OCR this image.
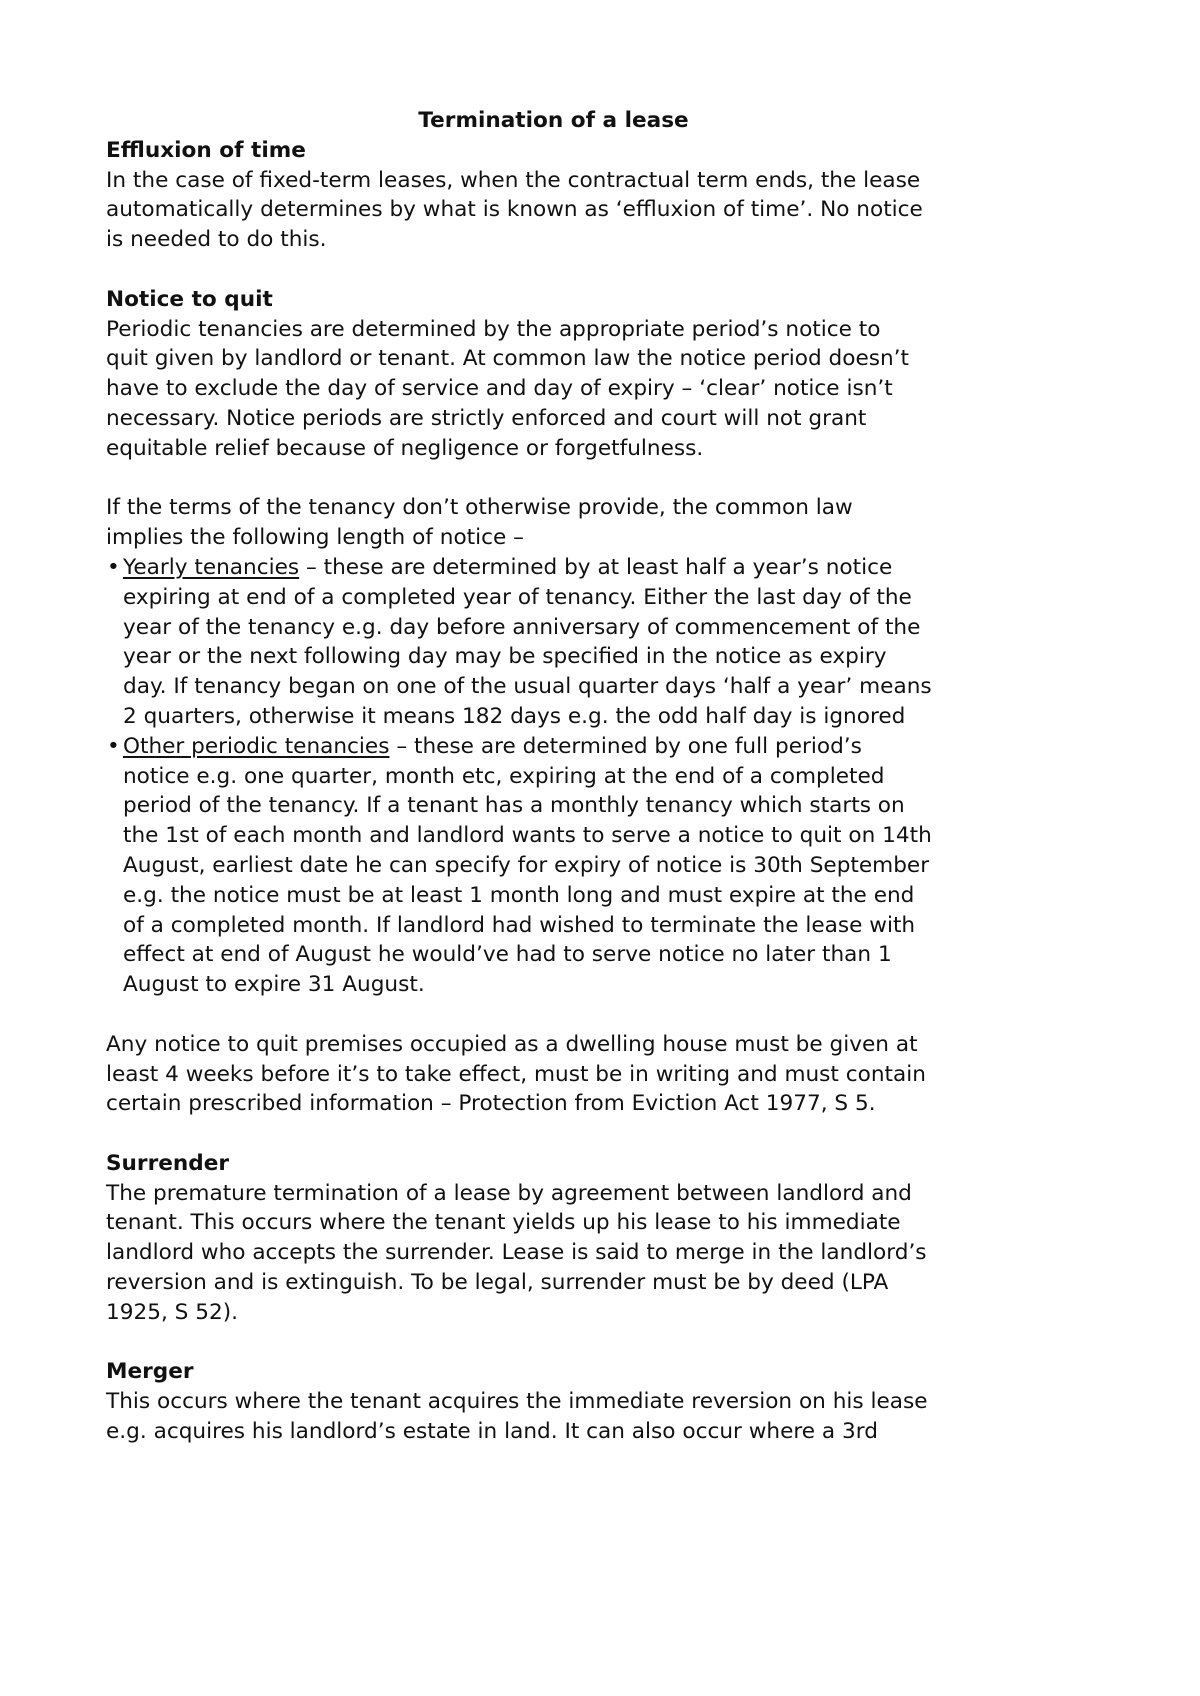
Termination of a lease
Effluxion of time
In the case of fixed-term leases, when the contractual term ends, the lease
automatically determines by what is known as ‘effluxion of time’. No notice
is needed to do this.
Notice to quit
Periodic tenancies are determined by the appropriate period’s notice to
quit given by landlord or tenant. At common law the notice period doesn’t
have to exclude the day of service and day of expiry – ‘clear’ notice isn’t
necessary. Notice periods are strictly enforced and court will not grant
equitable relief because of negligence or forgetfulness.
If the terms of the tenancy don’t otherwise provide, the common law
implies the following length of notice –
• Yearly tenancies – these are determined by at least half a year’s notice
expiring at end of a completed year of tenancy. Either the last day of the
year of the tenancy e.g. day before anniversary of commencement of the
year or the next following day may be specified in the notice as expiry
day. If tenancy began on one of the usual quarter days ‘half a year’ means
2 quarters, otherwise it means 182 days e.g. the odd half day is ignored
• Other periodic tenancies – these are determined by one full period’s
notice e.g. one quarter, month etc, expiring at the end of a completed
period of the tenancy. If a tenant has a monthly tenancy which starts on
the 1st of each month and landlord wants to serve a notice to quit on 14th
August, earliest date he can specify for expiry of notice is 30th September
e.g. the notice must be at least 1 month long and must expire at the end
of a completed month. If landlord had wished to terminate the lease with
effect at end of August he would’ve had to serve notice no later than 1
August to expire 31 August.
Any notice to quit premises occupied as a dwelling house must be given at
least 4 weeks before it’s to take effect, must be in writing and must contain
certain prescribed information – Protection from Eviction Act 1977, S 5.
Surrender
The premature termination of a lease by agreement between landlord and
tenant. This occurs where the tenant yields up his lease to his immediate
landlord who accepts the surrender. Lease is said to merge in the landlord’s
reversion and is extinguish. To be legal, surrender must be by deed (LPA
1925, S 52).
Merger
This occurs where the tenant acquires the immediate reversion on his lease
e.g. acquires his landlord’s estate in land. It can also occur where a 3rd
